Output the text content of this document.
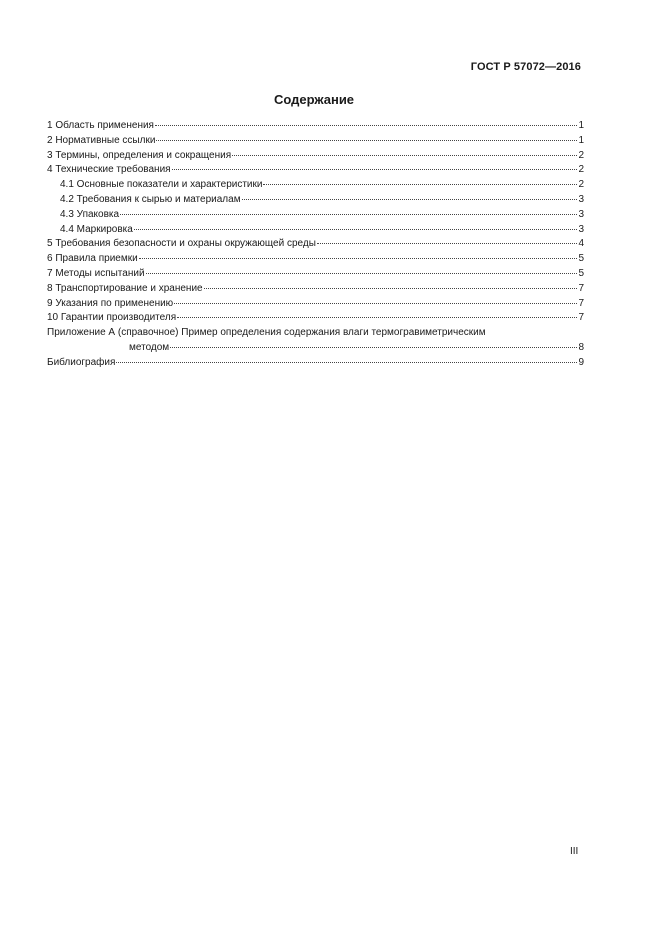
ГОСТ Р 57072—2016
Содержание
1 Область применения	1
2 Нормативные ссылки	1
3 Термины, определения и сокращения	2
4 Технические требования	2
4.1 Основные показатели и характеристики	2
4.2 Требования к сырью и материалам	3
4.3 Упаковка	3
4.4 Маркировка	3
5 Требования безопасности и охраны окружающей среды	4
6 Правила приемки	5
7 Методы испытаний	5
8 Транспортирование и хранение	7
9 Указания по применению	7
10 Гарантии производителя	7
Приложение А (справочное) Пример определения содержания влаги термогравиметрическим
методом	8
Библиография	9
III
